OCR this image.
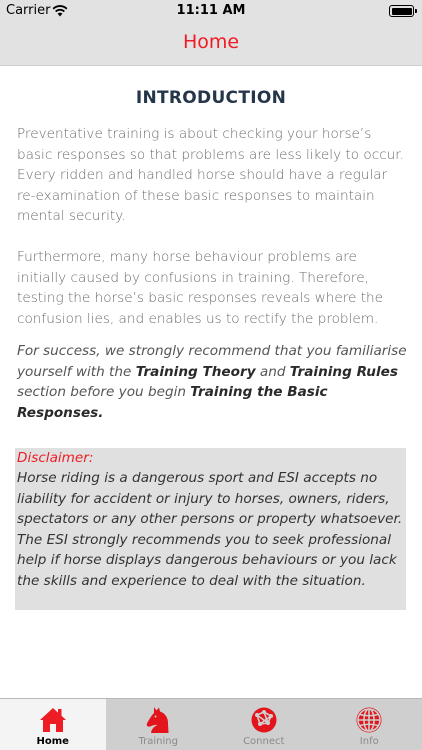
Carrier	11:11 AM
Home
INTRODUCTION

Preventative training is about checking your horse’s basic responses so that problems are less likely to occur. Every ridden and handled horse should have a regular re-examination of these basic responses to maintain mental security.

Furthermore, many horse behaviour problems are initially caused by confusions in training. Therefore, testing the horse’s basic responses reveals where the confusion lies, and enables us to rectify the problem.

For success, we strongly recommend that you familiarise yourself with the Training Theory and Training Rules section before you begin Training the Basic Responses.

Disclaimer:
Horse riding is a dangerous sport and ESI accepts no liability for accident or injury to horses, owners, riders, spectators or any other persons or property whatsoever. The ESI strongly recommends you to seek professional help if horse displays dangerous behaviours or you lack the skills and experience to deal with the situation.
Home	Training	Connect	Info
